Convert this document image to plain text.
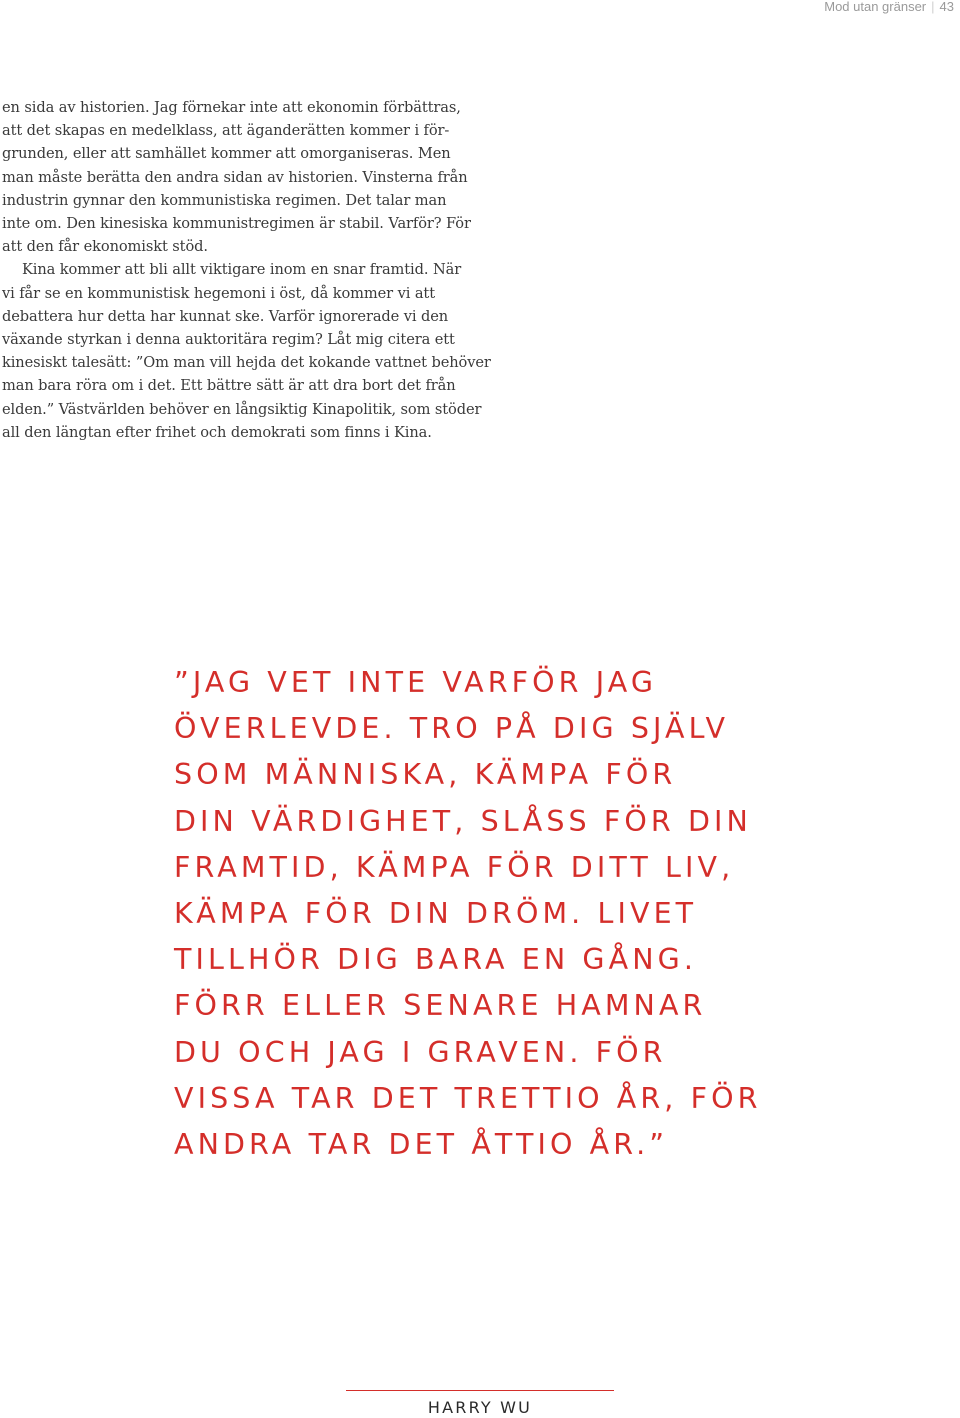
Mod utan gränser | 43
en sida av historien. Jag förnekar inte att ekonomin förbättras,
att det skapas en medelklass, att äganderätten kommer i för-
grunden, eller att samhället kommer att omorganiseras. Men
man måste berätta den andra sidan av historien. Vinsterna från
industrin gynnar den kommunistiska regimen. Det talar man
inte om. Den kinesiska kommunistregimen är stabil. Varför? För
att den får ekonomiskt stöd.
Kina kommer att bli allt viktigare inom en snar framtid. När
vi får se en kommunistisk hegemoni i öst, då kommer vi att
debattera hur detta har kunnat ske. Varför ignorerade vi den
växande styrkan i denna auktoritära regim? Låt mig citera ett
kinesiskt talesätt: ”Om man vill hejda det kokande vattnet behöver
man bara röra om i det. Ett bättre sätt är att dra bort det från
elden.” Västvärlden behöver en långsiktig Kinapolitik, som stöder
all den längtan efter frihet och demokrati som finns i Kina.
”JAG VET INTE VARFÖR JAG
ÖVERLEVDE. TRO PÅ DIG SJÄLV
SOM MÄNNISKA, KÄMPA FÖR
DIN VÄRDIGHET, SLÅSS FÖR DIN
FRAMTID, KÄMPA FÖR DITT LIV,
KÄMPA FÖR DIN DRÖM. LIVET
TILLHÖR DIG BARA EN GÅNG.
FÖRR ELLER SENARE HAMNAR
DU OCH JAG I GRAVEN. FÖR
VISSA TAR DET TRETTIO ÅR, FÖR
ANDRA TAR DET ÅTTIO ÅR.”
HARRY WU
